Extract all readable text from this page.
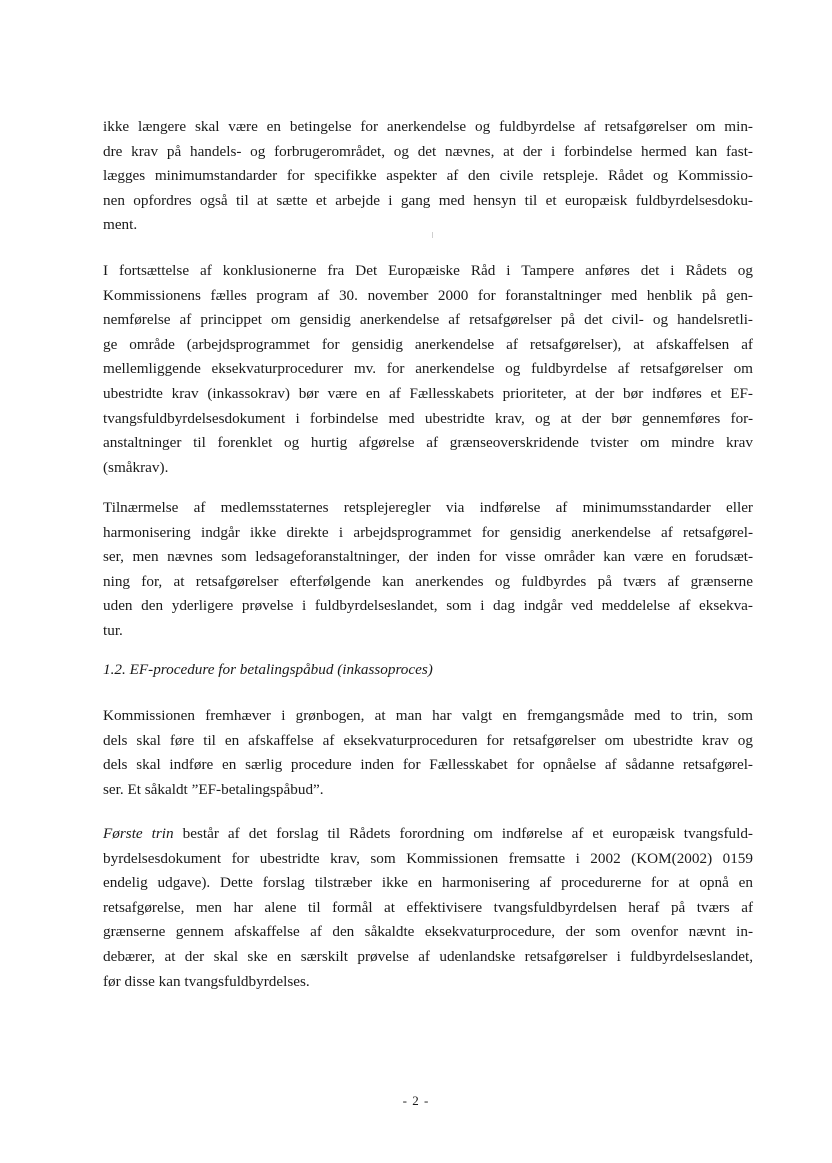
ikke længere skal være en betingelse for anerkendelse og fuldbyrdelse af retsafgørelser om min-
dre krav på handels- og forbrugerområdet, og det nævnes, at der i forbindelse hermed kan fast-
lægges minimumstandarder for specifikke aspekter af den civile retspleje. Rådet og Kommissio-
nen opfordres også til at sætte et arbejde i gang med hensyn til et europæisk fuldbyrdelsesdoku-
ment.
I fortsættelse af konklusionerne fra Det Europæiske Råd i Tampere anføres det i Rådets og
Kommissionens fælles program af 30. november 2000 for foranstaltninger med henblik på gen-
nemførelse af princippet om gensidig anerkendelse af retsafgørelser på det civil- og handelsretli-
ge område (arbejdsprogrammet for gensidig anerkendelse af retsafgørelser), at afskaffelsen af
mellemliggende eksekvaturprocedurer mv. for anerkendelse og fuldbyrdelse af retsafgørelser om
ubestridte krav (inkassokrav) bør være en af Fællesskabets prioriteter, at der bør indføres et EF-
tvangsfuldbyrdelsesdokument i forbindelse med ubestridte krav, og at der bør gennemføres for-
anstaltninger til forenklet og hurtig afgørelse af grænseoverskridende tvister om mindre krav
(småkrav).
Tilnærmelse af medlemsstaternes retsplejeregler via indførelse af minimumsstandarder eller
harmonisering indgår ikke direkte i arbejdsprogrammet for gensidig anerkendelse af retsafgørel-
ser, men nævnes som ledsageforanstaltninger, der inden for visse områder kan være en forudsæt-
ning for, at retsafgørelser efterfølgende kan anerkendes og fuldbyrdes på tværs af grænserne
uden den yderligere prøvelse i fuldbyrdelseslandet, som i dag indgår ved meddelelse af eksekva-
tur.
1.2. EF-procedure for betalingspåbud (inkassoproces)
Kommissionen fremhæver i grønbogen, at man har valgt en fremgangsmåde med to trin, som
dels skal føre til en afskaffelse af eksekvaturproceduren for retsafgørelser om ubestridte krav og
dels skal indføre en særlig procedure inden for Fællesskabet for opnåelse af sådanne retsafgørel-
ser. Et såkaldt ”EF-betalingspåbud”.
Første trin består af det forslag til Rådets forordning om indførelse af et europæisk tvangsfuld-
byrdelsesdokument for ubestridte krav, som Kommissionen fremsatte i 2002 (KOM(2002) 0159
endelig udgave). Dette forslag tilstræber ikke en harmonisering af procedurerne for at opnå en
retsafgørelse, men har alene til formål at effektivisere tvangsfuldbyrdelsen heraf på tværs af
grænserne gennem afskaffelse af den såkaldte eksekvaturprocedure, der som ovenfor nævnt in-
debærer, at der skal ske en særskilt prøvelse af udenlandske retsafgørelser i fuldbyrdelseslandet,
før disse kan tvangsfuldbyrdelses.
- 2 -
